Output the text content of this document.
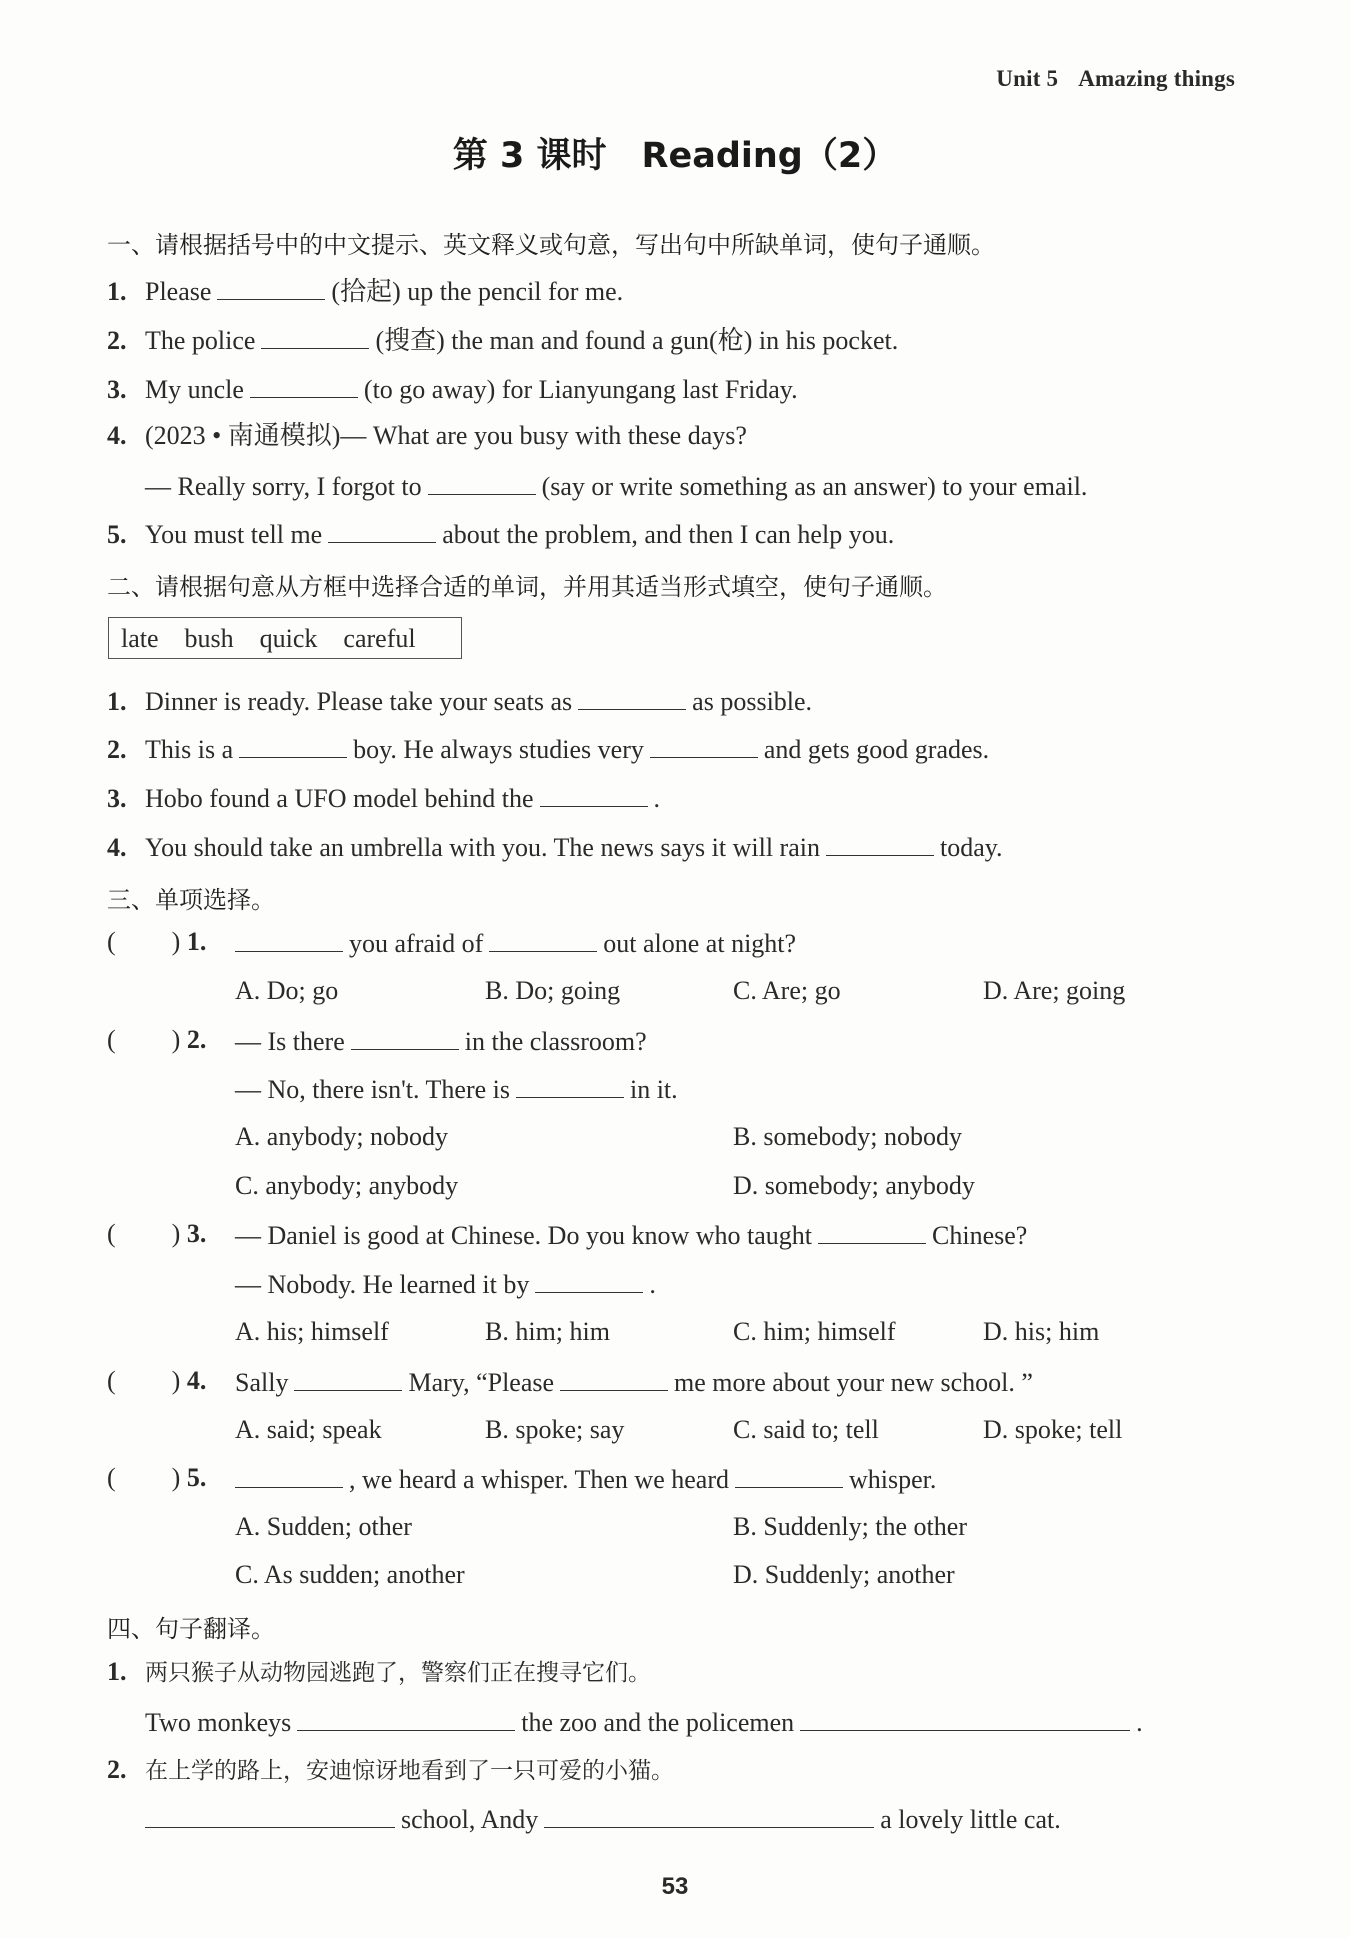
Unit 5 Amazing things
第 3 课时　Reading（2）
一、请根据括号中的中文提示、英文释义或句意，写出句中所缺单词，使句子通顺。
1. Please	(拾起) up the pencil for me.
2. The police	(搜查) the man and found a gun(枪) in his pocket.
3. My uncle	(to go away) for Lianyungang last Friday.
4. (2023 • 南通模拟)— What are you busy with these days?
— Really sorry, I forgot to	(say or write something as an answer) to your email.
5. You must tell me	about the problem, and then I can help you.
二、请根据句意从方框中选择合适的单词，并用其适当形式填空，使句子通顺。
late bush quick careful
1. Dinner is ready. Please take your seats as	as possible.
2. This is a	boy. He always studies very	and gets good grades.
3. Hobo found a UFO model behind the	.
4. You should take an umbrella with you. The news says it will rain	today.
三、单项选择。
( ) 1.	you afraid of	out alone at night?
A. Do; go	B. Do; going	C. Are; go	D. Are; going
( ) 2. — Is there	in the classroom?
— No, there isn't. There is	in it.
A. anybody; nobody	B. somebody; nobody
C. anybody; anybody	D. somebody; anybody
( ) 3. — Daniel is good at Chinese. Do you know who taught	Chinese?
— Nobody. He learned it by	.
A. his; himself	B. him; him	C. him; himself	D. his; him
( ) 4. Sally	Mary, “Please	me more about your new school. ”
A. said; speak	B. spoke; say	C. said to; tell	D. spoke; tell
( ) 5.	, we heard a whisper. Then we heard	whisper.
A. Sudden; other	B. Suddenly; the other
C. As sudden; another	D. Suddenly; another
四、句子翻译。
1. 两只猴子从动物园逃跑了，警察们正在搜寻它们。
Two monkeys	the zoo and the policemen	.
2. 在上学的路上，安迪惊讶地看到了一只可爱的小猫。
school, Andy	a lovely little cat.
53
